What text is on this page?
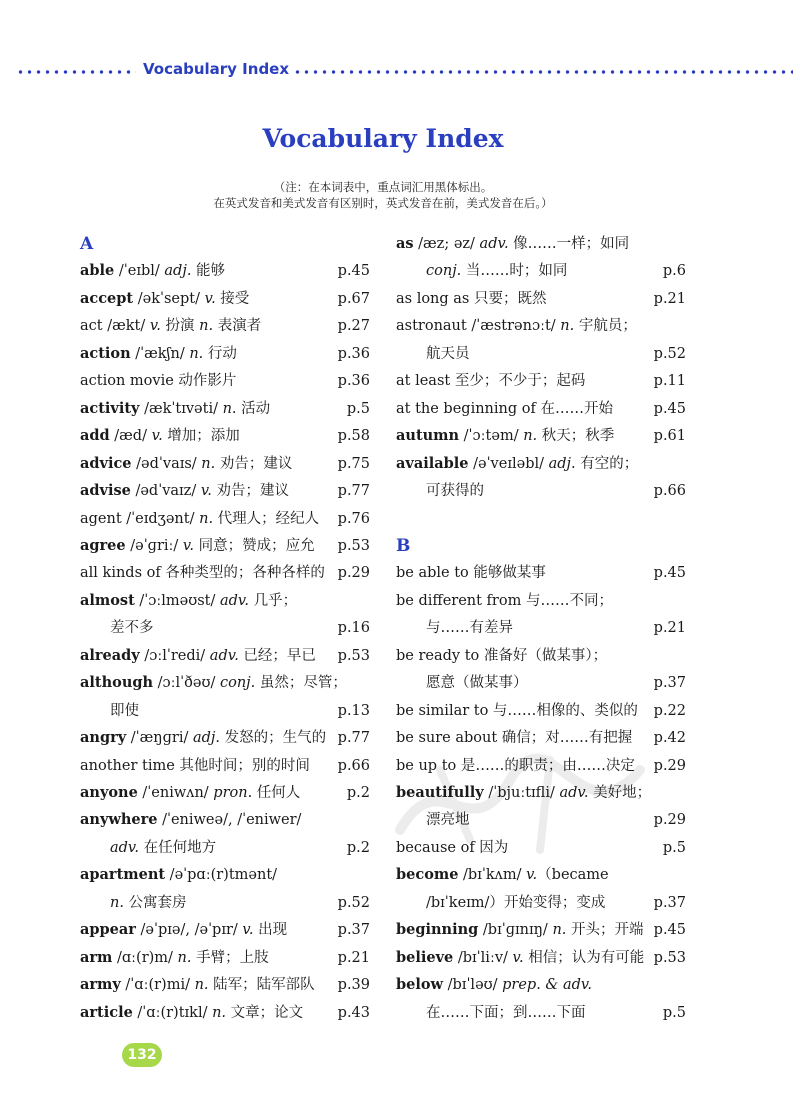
Vocabulary Index
Vocabulary Index
（注：在本词表中，重点词汇用黑体标出。
在英式发音和美式发音有区别时，英式发音在前，美式发音在后。）
A
able /ˈeɪbl/ adj. 能够	p.45
accept /əkˈsept/ v. 接受	p.67
act /ækt/ v. 扮演 n. 表演者	p.27
action /ˈækʃn/ n. 行动	p.36
action movie 动作影片	p.36
activity /ækˈtɪvəti/ n. 活动	p.5
add /æd/ v. 增加；添加	p.58
advice /ədˈvaɪs/ n. 劝告；建议	p.75
advise /ədˈvaɪz/ v. 劝告；建议	p.77
agent /ˈeɪdʒənt/ n. 代理人；经纪人 p.76
agree /əˈɡriː/ v. 同意；赞成；应允 p.53
all kinds of 各种类型的；各种各样的 p.29
almost /ˈɔːlməʊst/ adv. 几乎；
差不多	p.16
already /ɔːlˈredi/ adv. 已经；早已 p.53
although /ɔːlˈðəʊ/ conj. 虽然；尽管；
即使	p.13
angry /ˈæŋɡri/ adj. 发怒的；生气的 p.77
another time 其他时间；别的时间 p.66
anyone /ˈeniwʌn/ pron. 任何人	p.2
anywhere /ˈeniweə/, /ˈeniwer/
adv. 在任何地方	p.2
apartment /əˈpɑː(r)tmənt/
n. 公寓套房	p.52
appear /əˈpɪə/, /əˈpɪr/ v. 出现	p.37
arm /ɑː(r)m/ n. 手臂；上肢	p.21
army /ˈɑː(r)mi/ n. 陆军；陆军部队 p.39
article /ˈɑː(r)tɪkl/ n. 文章；论文 p.43
as /æz; əz/ adv. 像……一样；如同
conj. 当……时；如同	p.6
as long as 只要；既然	p.21
astronaut /ˈæstrənɔːt/ n. 宇航员；
航天员	p.52
at least 至少；不少于；起码	p.11
at the beginning of 在……开始	p.45
autumn /ˈɔːtəm/ n. 秋天；秋季	p.61
available /əˈveɪləbl/ adj. 有空的；
可获得的	p.66
B
be able to 能够做某事	p.45
be different from 与……不同；
与……有差异	p.21
be ready to 准备好（做某事）；
愿意（做某事）	p.37
be similar to 与……相像的、类似的 p.22
be sure about 确信；对……有把握 p.42
be up to 是……的职责；由……决定 p.29
beautifully /ˈbjuːtɪfli/ adv. 美好地；
漂亮地	p.29
because of 因为	p.5
become /bɪˈkʌm/ v.（became
/bɪˈkeɪm/）开始变得；变成	p.37
beginning /bɪˈɡɪnɪŋ/ n. 开头；开端 p.45
believe /bɪˈliːv/ v. 相信；认为有可能 p.53
below /bɪˈləʊ/ prep. & adv.
在……下面；到……下面	p.5
132
